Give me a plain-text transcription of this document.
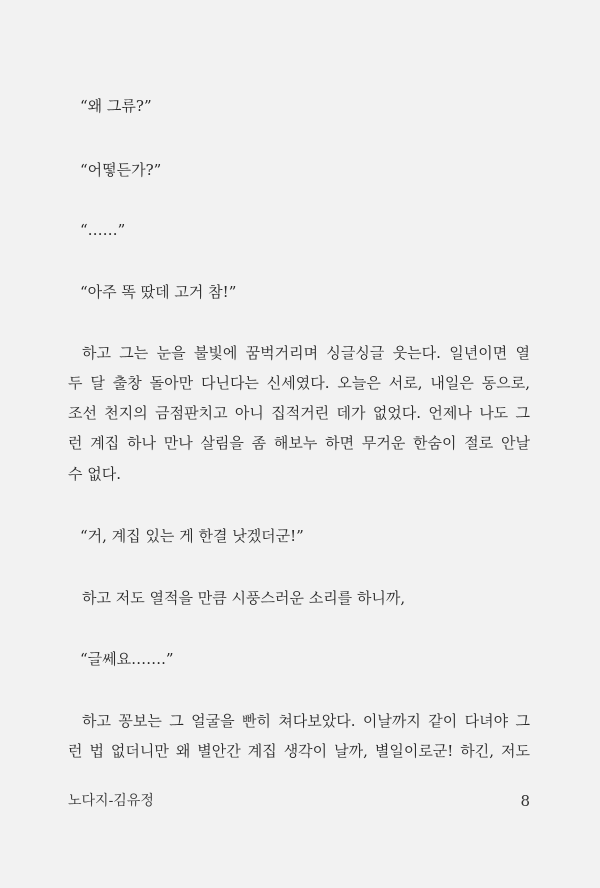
“왜 그류?”
“어떻든가?”
“……”
“아주 똑 땄데 고거 참!”
하고 그는 눈을 불빛에 꿈벅거리며 싱글싱글 웃는다. 일년이면 열
두 달 출창 돌아만 다닌다는 신세였다. 오늘은 서로, 내일은 동으로,
조선 천지의 금점판치고 아니 집적거린 데가 없었다. 언제나 나도 그
런 계집 하나 만나 살림을 좀 해보누 하면 무거운 한숨이 절로 안날
수 없다.
“거, 계집 있는 게 한결 낫겠더군!”
하고 저도 열적을 만큼 시풍스러운 소리를 하니까,
“글쎄요…….”
하고 꽁보는 그 얼굴을 빤히 쳐다보았다. 이날까지 같이 다녀야 그
런 법 없더니만 왜 별안간 계집 생각이 날까, 별일이로군! 하긴, 저도
노다지-김유정	8
